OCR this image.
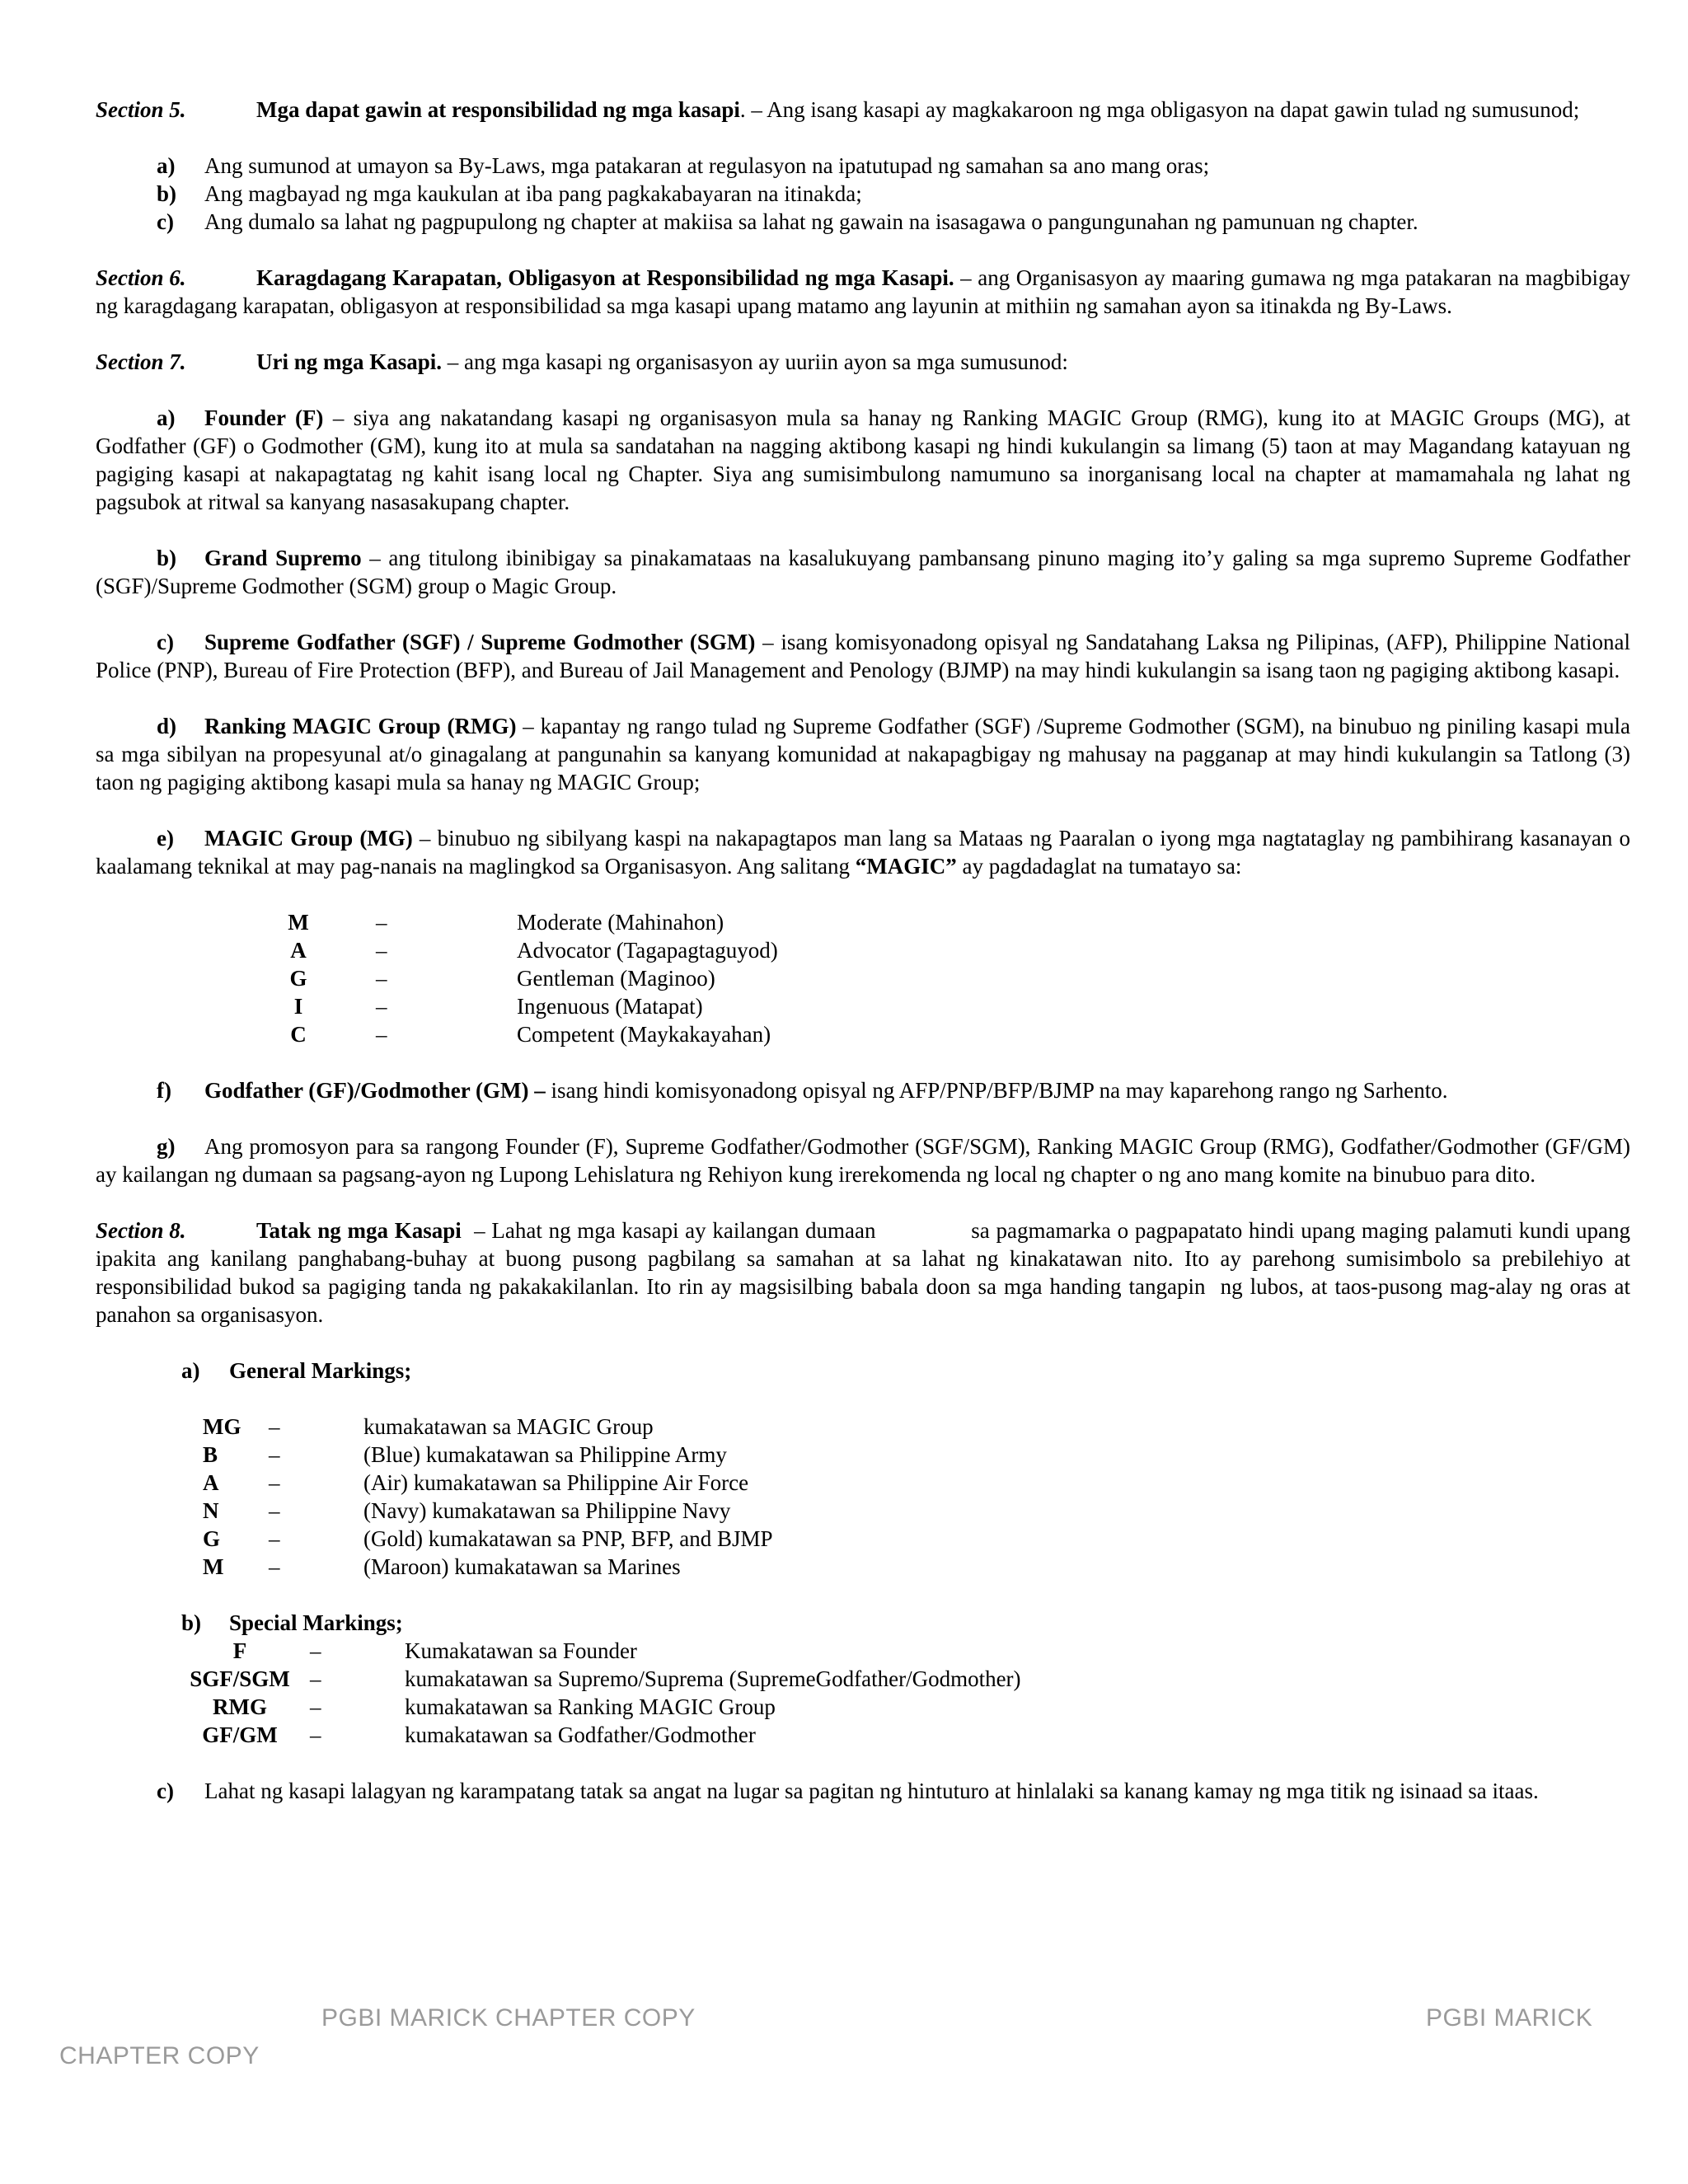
Section 5.	Mga dapat gawin at responsibilidad ng mga kasapi. – Ang isang kasapi ay magkakaroon ng mga obligasyon na dapat gawin tulad ng sumusunod;

a)	Ang sumunod at umayon sa By-Laws, mga patakaran at regulasyon na ipatutupad ng samahan sa ano mang oras;
b)	Ang magbayad ng mga kaukulan at iba pang pagkakabayaran na itinakda;
c)	Ang dumalo sa lahat ng pagpupulong ng chapter at makiisa sa lahat ng gawain na isasagawa o pangungunahan ng pamunuan ng chapter.

Section 6.	Karagdagang Karapatan, Obligasyon at Responsibilidad ng mga Kasapi. – ang Organisasyon ay maaring gumawa ng mga patakaran na magbibigay ng karagdagang karapatan, obligasyon at responsibilidad sa mga kasapi upang matamo ang layunin at mithiin ng samahan ayon sa itinakda ng By-Laws.

Section 7.	Uri ng mga Kasapi. – ang mga kasapi ng organisasyon ay uuriin ayon sa mga sumusunod:

a) Founder (F) – siya ang nakatandang kasapi ng organisasyon mula sa hanay ng Ranking MAGIC Group (RMG), kung ito at MAGIC Groups (MG), at Godfather (GF) o Godmother (GM), kung ito at mula sa sandatahan na nagging aktibong kasapi ng hindi kukulangin sa limang (5) taon at may Magandang katayuan ng pagiging kasapi at nakapagtatag ng kahit isang local ng Chapter. Siya ang sumisimbulong namumuno sa inorganisang local na chapter at mamamahala ng lahat ng pagsubok at ritwal sa kanyang nasasakupang chapter.

b) Grand Supremo – ang titulong ibinibigay sa pinakamataas na kasalukuyang pambansang pinuno maging ito’y galing sa mga supremo Supreme Godfather (SGF)/Supreme Godmother (SGM) group o Magic Group.

c) Supreme Godfather (SGF) / Supreme Godmother (SGM) – isang komisyonadong opisyal ng Sandatahang Laksa ng Pilipinas, (AFP), Philippine National Police (PNP), Bureau of Fire Protection (BFP), and Bureau of Jail Management and Penology (BJMP) na may hindi kukulangin sa isang taon ng pagiging aktibong kasapi.

d) Ranking MAGIC Group (RMG) – kapantay ng rango tulad ng Supreme Godfather (SGF) /Supreme Godmother (SGM), na binubuo ng piniling kasapi mula sa mga sibilyan na propesyunal at/o ginagalang at pangunahin sa kanyang komunidad at nakapagbigay ng mahusay na pagganap at may hindi kukulangin sa Tatlong (3) taon ng pagiging aktibong kasapi mula sa hanay ng MAGIC Group;

e) MAGIC Group (MG) – binubuo ng sibilyang kaspi na nakapagtapos man lang sa Mataas ng Paaralan o iyong mga nagtataglay ng pambihirang kasanayan o kaalamang teknikal at may pag-nanais na maglingkod sa Organisasyon. Ang salitang “MAGIC” ay pagdadaglat na tumatayo sa:

M	–	Moderate (Mahinahon)
A	–	Advocator (Tagapagtaguyod)
G	–	Gentleman (Maginoo)
I	–	Ingenuous (Matapat)
C	–	Competent (Maykakayahan)

f) Godfather (GF)/Godmother (GM) – isang hindi komisyonadong opisyal ng AFP/PNP/BFP/BJMP na may kaparehong rango ng Sarhento.

g) Ang promosyon para sa rangong Founder (F), Supreme Godfather/Godmother (SGF/SGM), Ranking MAGIC Group (RMG), Godfather/Godmother (GF/GM) ay kailangan ng dumaan sa pagsang-ayon ng Lupong Lehislatura ng Rehiyon kung irerekomenda ng local ng chapter o ng ano mang komite na binubuo para dito.

Section 8.	Tatak ng mga Kasapi  – Lahat ng mga kasapi ay kailangan dumaan               sa pagmamarka o pagpapatato hindi upang maging palamuti kundi upang ipakita ang kanilang panghabang-buhay at buong pusong pagbilang sa samahan at sa lahat ng kinakatawan nito. Ito ay parehong sumisimbolo sa prebilehiyo at responsibilidad bukod sa pagiging tanda ng pakakakilanlan. Ito rin ay magsisilbing babala doon sa mga handing tangapin  ng lubos, at taos-pusong mag-alay ng oras at panahon sa organisasyon.

a) General Markings;
MG	–	kumakatawan sa MAGIC Group
B	–	(Blue) kumakatawan sa Philippine Army
A	–	(Air) kumakatawan sa Philippine Air Force
N	–	(Navy) kumakatawan sa Philippine Navy
G	–	(Gold) kumakatawan sa PNP, BFP, and BJMP
M	–	(Maroon) kumakatawan sa Marines
b) Special Markings;
F	–	Kumakatawan sa Founder
SGF/SGM –	kumakatawan sa Supremo/Suprema (SupremeGodfather/Godmother)
RMG	–	kumakatawan sa Ranking MAGIC Group
GF/GM	–	kumakatawan sa Godfather/Godmother

c) Lahat ng kasapi lalagyan ng karampatang tatak sa angat na lugar sa pagitan ng hintuturo at hinlalaki sa kanang kamay ng mga titik ng isinaad sa itaas.

PGBI MARICK CHAPTER COPY	PGBI MARICK
CHAPTER COPY
